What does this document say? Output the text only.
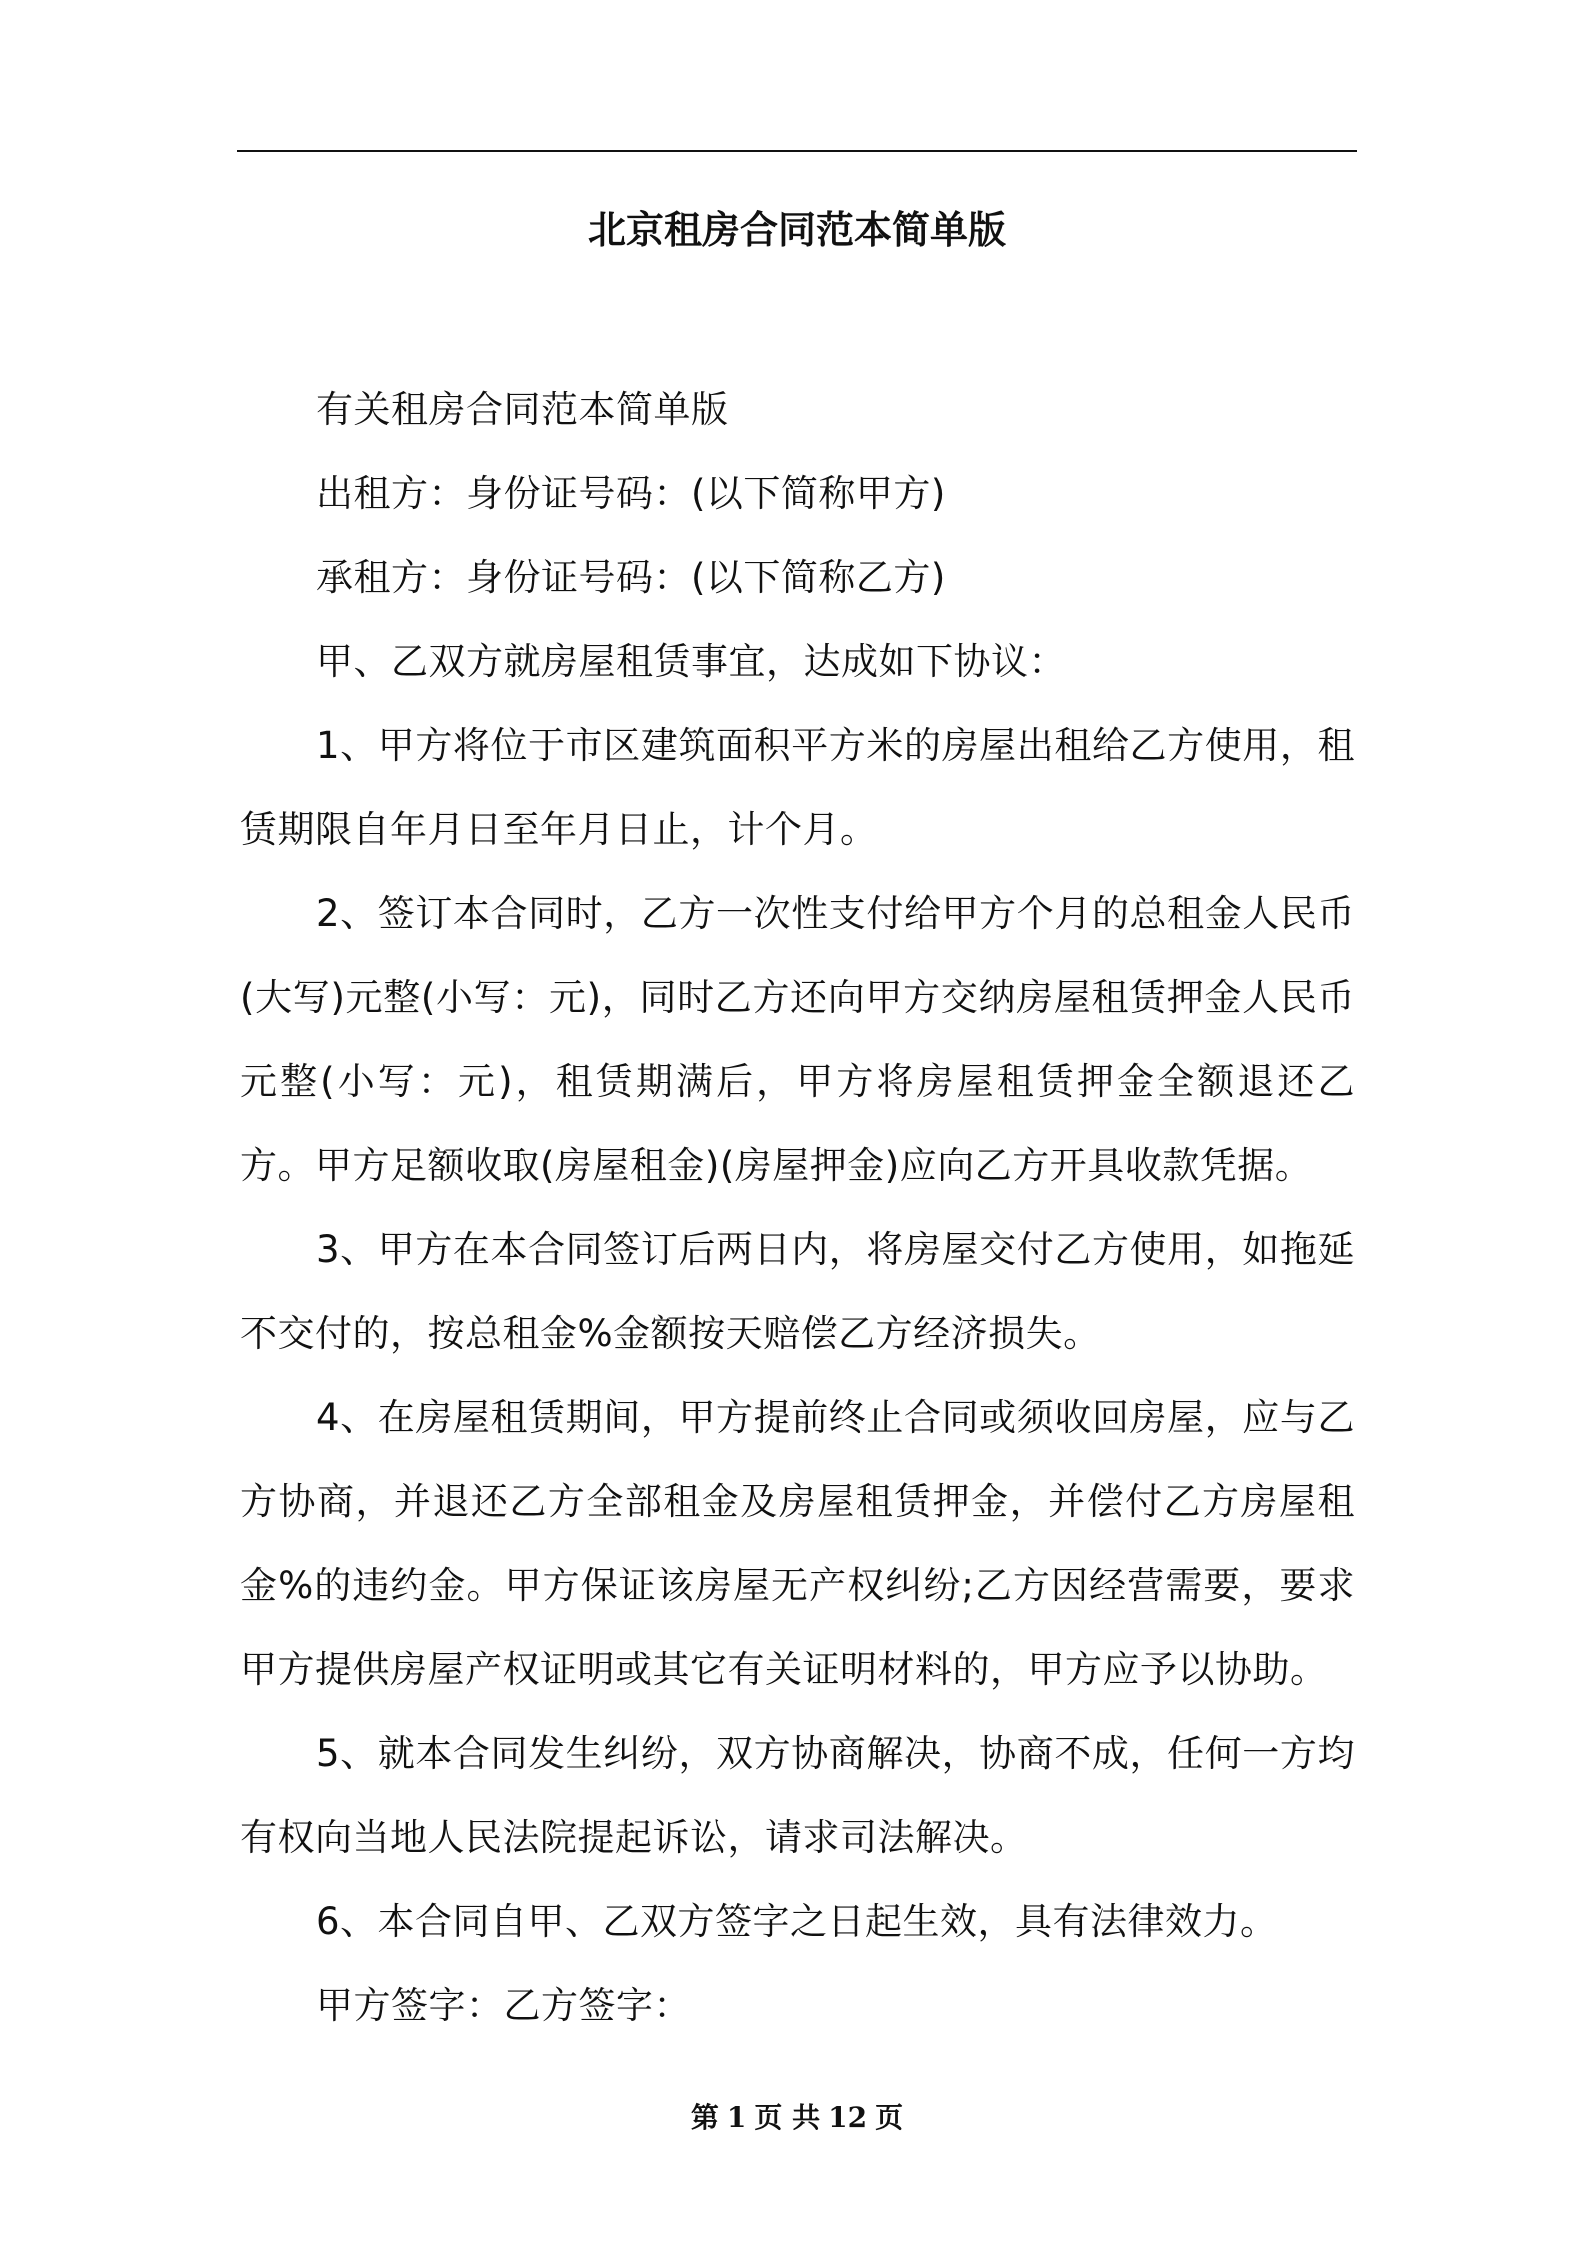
北京租房合同范本简单版

有关租房合同范本简单版

出租方：身份证号码：(以下简称甲方)

承租方：身份证号码：(以下简称乙方)

甲、乙双方就房屋租赁事宜，达成如下协议：

1、甲方将位于市区建筑面积平方米的房屋出租给乙方使用，租赁期限自年月日至年月日止，计个月。

2、签订本合同时，乙方一次性支付给甲方个月的总租金人民币(大写)元整(小写：元)，同时乙方还向甲方交纳房屋租赁押金人民币元整(小写：元)，租赁期满后，甲方将房屋租赁押金全额退还乙方。甲方足额收取(房屋租金)(房屋押金)应向乙方开具收款凭据。

3、甲方在本合同签订后两日内，将房屋交付乙方使用，如拖延不交付的，按总租金%金额按天赔偿乙方经济损失。

4、在房屋租赁期间，甲方提前终止合同或须收回房屋，应与乙方协商，并退还乙方全部租金及房屋租赁押金，并偿付乙方房屋租金%的违约金。甲方保证该房屋无产权纠纷;乙方因经营需要，要求甲方提供房屋产权证明或其它有关证明材料的，甲方应予以协助。

5、就本合同发生纠纷，双方协商解决，协商不成，任何一方均有权向当地人民法院提起诉讼，请求司法解决。

6、本合同自甲、乙双方签字之日起生效，具有法律效力。

甲方签字：乙方签字：

第 1 页 共 12 页
